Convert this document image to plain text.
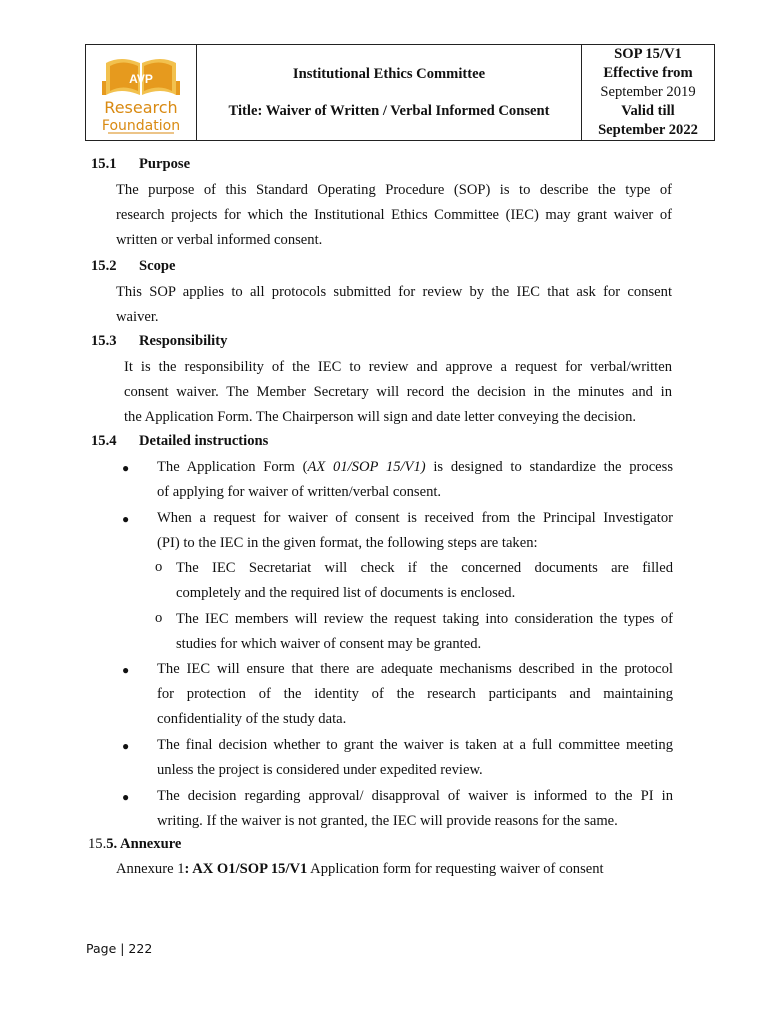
AVP
Research
Foundation

Institutional Ethics Committee
Title: Waiver of Written / Verbal Informed Consent	
SOP 15/V1
Effective from
September 2019
Valid till
September 2022
15.1 Purpose
The purpose of this Standard Operating Procedure (SOP) is to describe the type of
research projects for which the Institutional Ethics Committee (IEC) may grant waiver of
written or verbal informed consent.
15.2 Scope
This SOP applies to all protocols submitted for review by the IEC that ask for consent
waiver.
15.3 Responsibility
It is the responsibility of the IEC to review and approve a request for verbal/written
consent waiver. The Member Secretary will record the decision in the minutes and in
the Application Form. The Chairperson will sign and date letter conveying the decision.
15.4 Detailed instructions
● The Application Form (AX 01/SOP 15/V1) is designed to standardize the process
of applying for waiver of written/verbal consent.
● When a request for waiver of consent is received from the Principal Investigator
(PI) to the IEC in the given format, the following steps are taken:
o The IEC Secretariat will check if the concerned documents are filled
completely and the required list of documents is enclosed.
o The IEC members will review the request taking into consideration the types of
studies for which waiver of consent may be granted.
● The IEC will ensure that there are adequate mechanisms described in the protocol
for protection of the identity of the research participants and maintaining
confidentiality of the study data.
● The final decision whether to grant the waiver is taken at a full committee meeting
unless the project is considered under expedited review.
● The decision regarding approval/ disapproval of waiver is informed to the PI in
writing. If the waiver is not granted, the IEC will provide reasons for the same.
15.5. Annexure
Annexure 1: AX O1/SOP 15/V1 Application form for requesting waiver of consent
Page | 222
